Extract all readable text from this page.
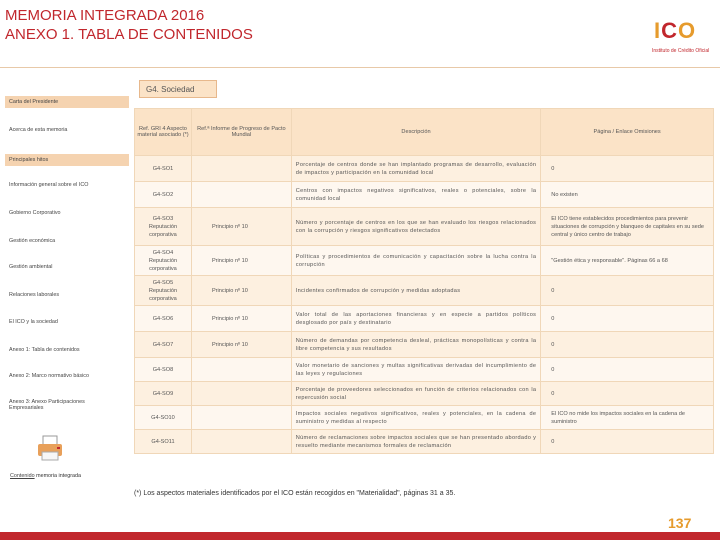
MEMORIA INTEGRADA 2016
ANEXO 1. TABLA DE CONTENIDOS	ICO
Instituto de Crédito Oficial
G4. Sociedad
Carta del Presidente
Acerca de esta memoria
Principales hitos
Información general sobre el ICO
Gobierno Corporativo
Gestión económica
Gestión ambiental
Relaciones laborales
El ICO y la sociedad
Anexo 1: Tabla de contenidos
Anexo 2: Marco normativo básico
Anexo 3: Anexo Participaciones Empresariales
Contenido memoria integrada
Ref. GRI 4 Aspecto material asociado (*)	Ref.ª Informe de Progreso de Pacto Mundial	Descripción	Página / Enlace Omisiones
G4-SO1		Porcentaje de centros donde se han implantado programas de desarrollo, evaluación de impactos y participación en la comunidad local	0
G4-SO2		Centros con impactos negativos significativos, reales o potenciales, sobre la comunidad local	No existen
G4-SO3 Reputación corporativa	Principio nº 10	Número y porcentaje de centros en los que se han evaluado los riesgos relacionados con la corrupción y riesgos significativos detectados	El ICO tiene establecidos procedimientos para prevenir situaciones de corrupción y blanqueo de capitales en su sede central y único centro de trabajo
G4-SO4 Reputación corporativa	Principio nº 10	Políticas y procedimientos de comunicación y capacitación sobre la lucha contra la corrupción	"Gestión ética y responsable". Páginas 66 a 68
G4-SO5 Reputación corporativa	Principio nº 10	Incidentes confirmados de corrupción y medidas adoptadas	0
G4-SO6	Principio nº 10	Valor total de las aportaciones financieras y en especie a partidos políticos desglosado por país y destinatario	0
G4-SO7	Principio nº 10	Número de demandas por competencia desleal, prácticas monopolísticas y contra la libre competencia y sus resultados	0
G4-SO8		Valor monetario de sanciones y multas significativas derivadas del incumplimiento de las leyes y regulaciones	0
G4-SO9		Porcentaje de proveedores seleccionados en función de criterios relacionados con la repercusión social	0
G4-SO10		Impactos sociales negativos significativos, reales y potenciales, en la cadena de suministro y medidas al respecto	El ICO no mide los impactos sociales en la cadena de suministro
G4-SO11		Número de reclamaciones sobre impactos sociales que se han presentado abordado y resuelto mediante mecanismos formales de reclamación	0
(*) Los aspectos materiales identificados por el ICO están recogidos en "Materialidad", páginas 31 a 35.
137
